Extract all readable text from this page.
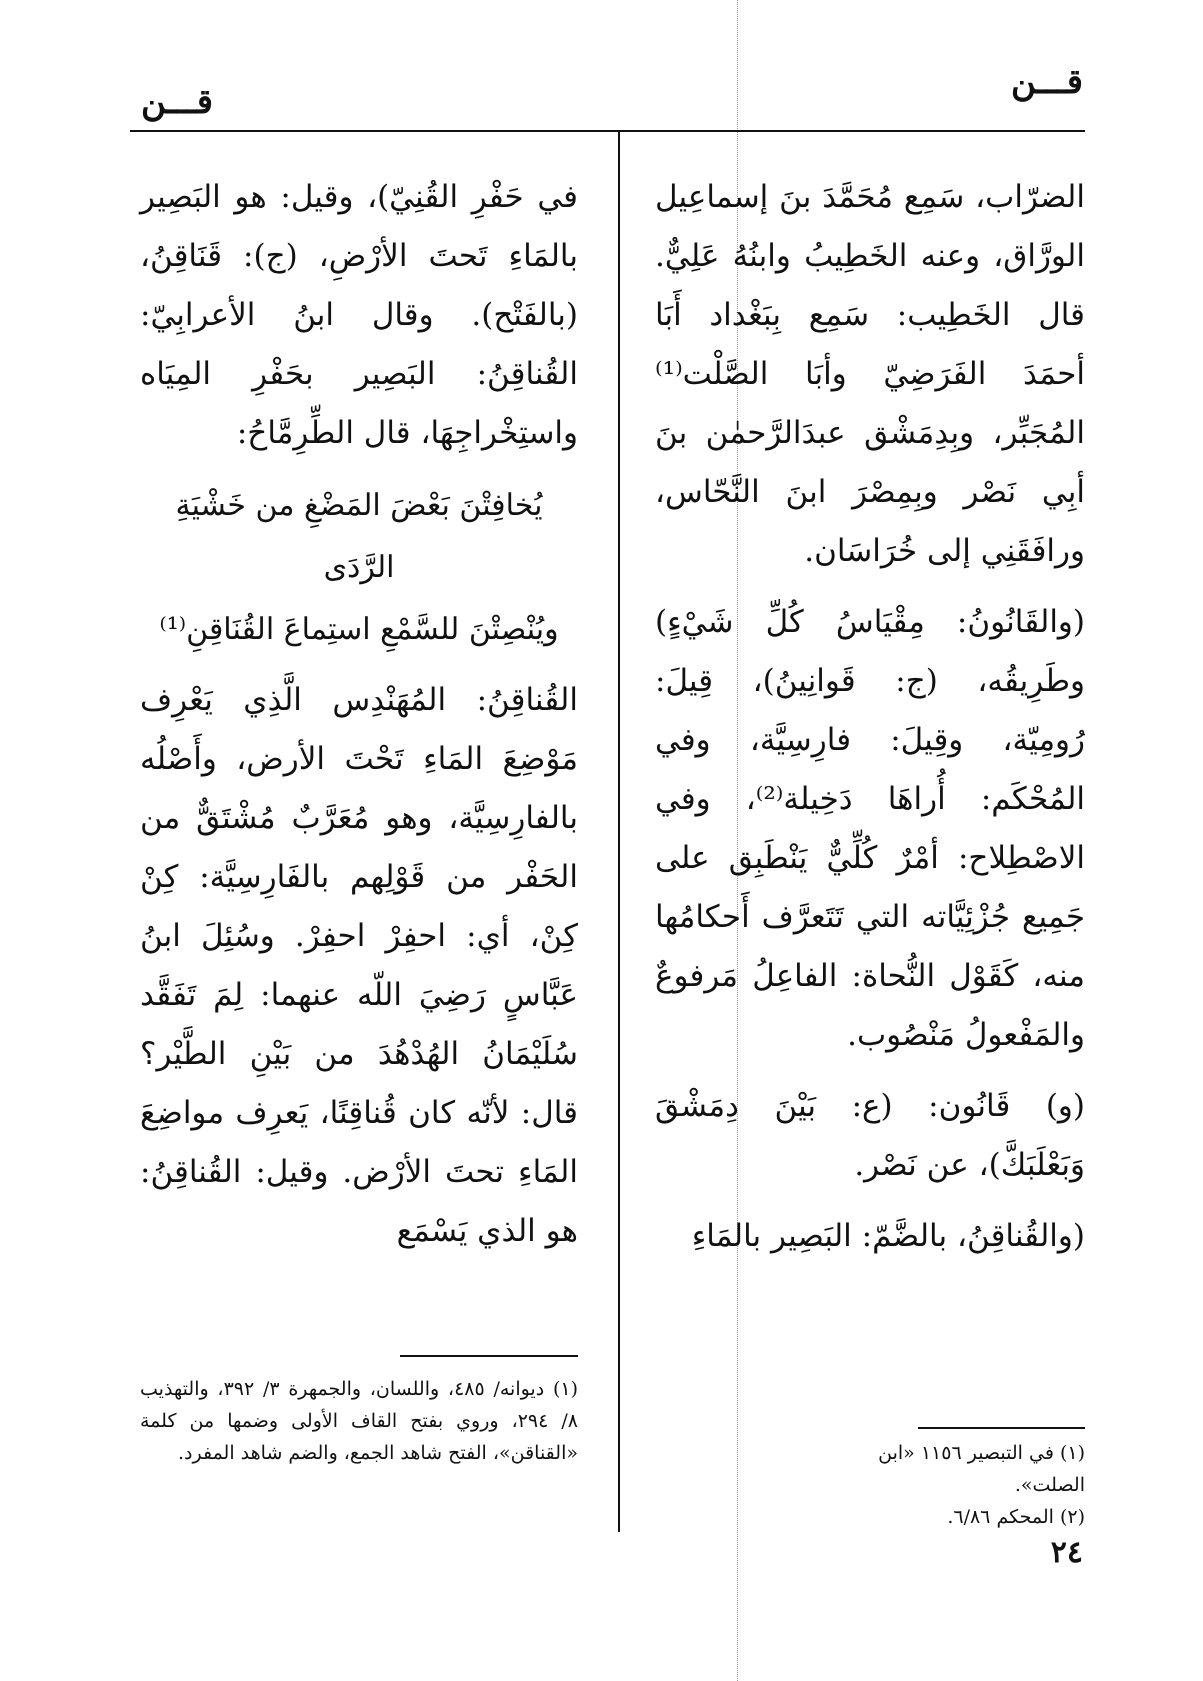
قـــن
قـــن

الضرّاب، سَمِع مُحَمَّدَ بنَ إسماعِيل الورَّاق، وعنه الخَطِيبُ وابنُهُ عَلِيٌّ. قال الخَطِيب: سَمِع بِبَغْداد أَبَا أحمَدَ الفَرَضِيّ وأبَا الصَّلْت⁽¹⁾ المُجَبِّر، وبِدِمَشْق عبدَالرَّحمٰن بنَ أبِي نَصْر وبِمِصْرَ ابنَ النَّحّاس، ورافَقَنِي إلى خُرَاسَان.

(والقَانُونُ: مِقْيَاسُ كُلِّ شَيْءٍ) وطَرِيقُه، (ج: قَوانِينُ)، قِيلَ: رُومِيّة، وقِيلَ: فارِسِيَّة، وفي المُحْكَم: أُراهَا دَخِيلة⁽²⁾، وفي الاصْطِلاح: أمْرٌ كُلِّيٌّ يَنْطَبِق على جَمِيع جُزْئِيَّاته التي تَتَعرَّف أَحكامُها منه، كَقَوْل النُّحاة: الفاعِلُ مَرفوعٌ والمَفْعولُ مَنْصُوب.

(و) قَانُون: (ع: بَيْنَ دِمَشْقَ وَبَعْلَبَكَّ)، عن نَصْر.

(والقُناقِنُ، بالضَّمّ: البَصِير بالمَاءِ

في حَفْرِ القُنِيّ)، وقيل: هو البَصِير بالمَاءِ تَحتَ الأرْضِ، (ج): قَنَاقِنُ، (بالفَتْح). وقال ابنُ الأعرابِيّ: القُناقِنُ: البَصِير بحَفْرِ المِيَاه واستِخْراجِهَا، قال الطِّرِمَّاحُ:

يُخافِتْنَ بَعْضَ المَضْغِ من خَشْيَةِ الرَّدَى

ويُنْصِتْنَ للسَّمْعِ استِماعَ القُنَاقِنِ⁽¹⁾

القُناقِنُ: المُهَنْدِس الَّذِي يَعْرِف مَوْضِعَ المَاءِ تَحْتَ الأرض، وأَصْلُه بالفارِسِيَّة، وهو مُعَرَّبٌ مُشْتَقٌّ من الحَفْر من قَوْلِهم بالفَارِسِيَّة: كِنْ كِنْ، أي: احفِرْ احفِرْ. وسُئِلَ ابنُ عَبَّاسٍ رَضِيَ اللّه عنهما: لِمَ تَفَقَّد سُلَيْمَانُ الهُدْهُدَ من بَيْنِ الطَّيْر؟ قال: لأنّه كان قُناقِنًا، يَعرِف مواضِعَ المَاءِ تحتَ الأرْض. وقيل: القُناقِنُ: هو الذي يَسْمَع

(١) في التبصير ١١٥٦ «ابن الصلت».

(٢) المحكم ٦/٨٦.

(١) ديوانه/ ٤٨٥، واللسان، والجمهرة ٣/ ٣٩٢، والتهذيب ٨/ ٢٩٤، وروي بفتح القاف الأولى وضمها من كلمة «القناقن»، الفتح شاهد الجمع، والضم شاهد المفرد.

٢٤
